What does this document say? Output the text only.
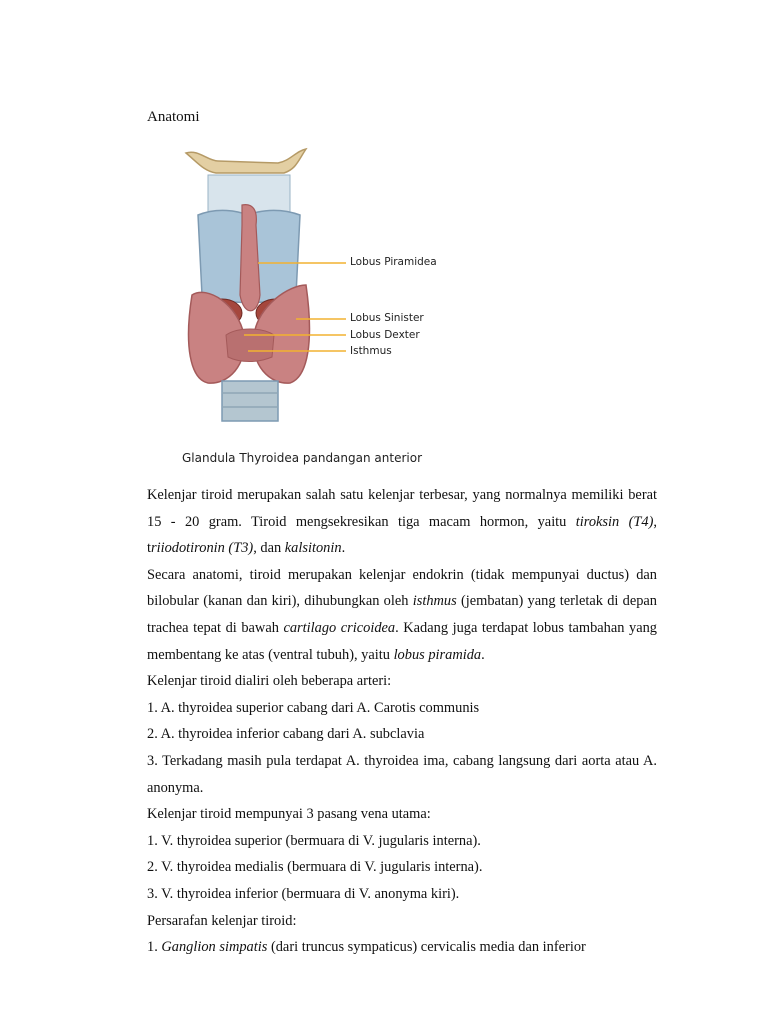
Anatomi
Lobus Piramidea
Lobus Sinister
Lobus Dexter
Isthmus
Glandula Thyroidea pandangan anterior

Kelenjar tiroid merupakan salah satu kelenjar terbesar, yang normalnya memiliki berat 15 - 20 gram. Tiroid mengsekresikan tiga macam hormon, yaitu tiroksin (T4), triiodotironin (T3), dan kalsitonin.

Secara anatomi, tiroid merupakan kelenjar endokrin (tidak mempunyai ductus) dan bilobular (kanan dan kiri), dihubungkan oleh isthmus (jembatan) yang terletak di depan trachea tepat di bawah cartilago cricoidea. Kadang juga terdapat lobus tambahan yang membentang ke atas (ventral tubuh), yaitu lobus piramida.

Kelenjar tiroid dialiri oleh beberapa arteri:

1. A. thyroidea superior cabang dari A. Carotis communis

2. A. thyroidea inferior cabang dari A. subclavia

3. Terkadang masih pula terdapat A. thyroidea ima, cabang langsung dari aorta atau A. anonyma.

Kelenjar tiroid mempunyai 3 pasang vena utama:

1. V. thyroidea superior (bermuara di V. jugularis interna).

2. V. thyroidea medialis (bermuara di V. jugularis interna).

3. V. thyroidea inferior (bermuara di V. anonyma kiri).

Persarafan kelenjar tiroid:

1. Ganglion simpatis (dari truncus sympaticus) cervicalis media dan inferior
